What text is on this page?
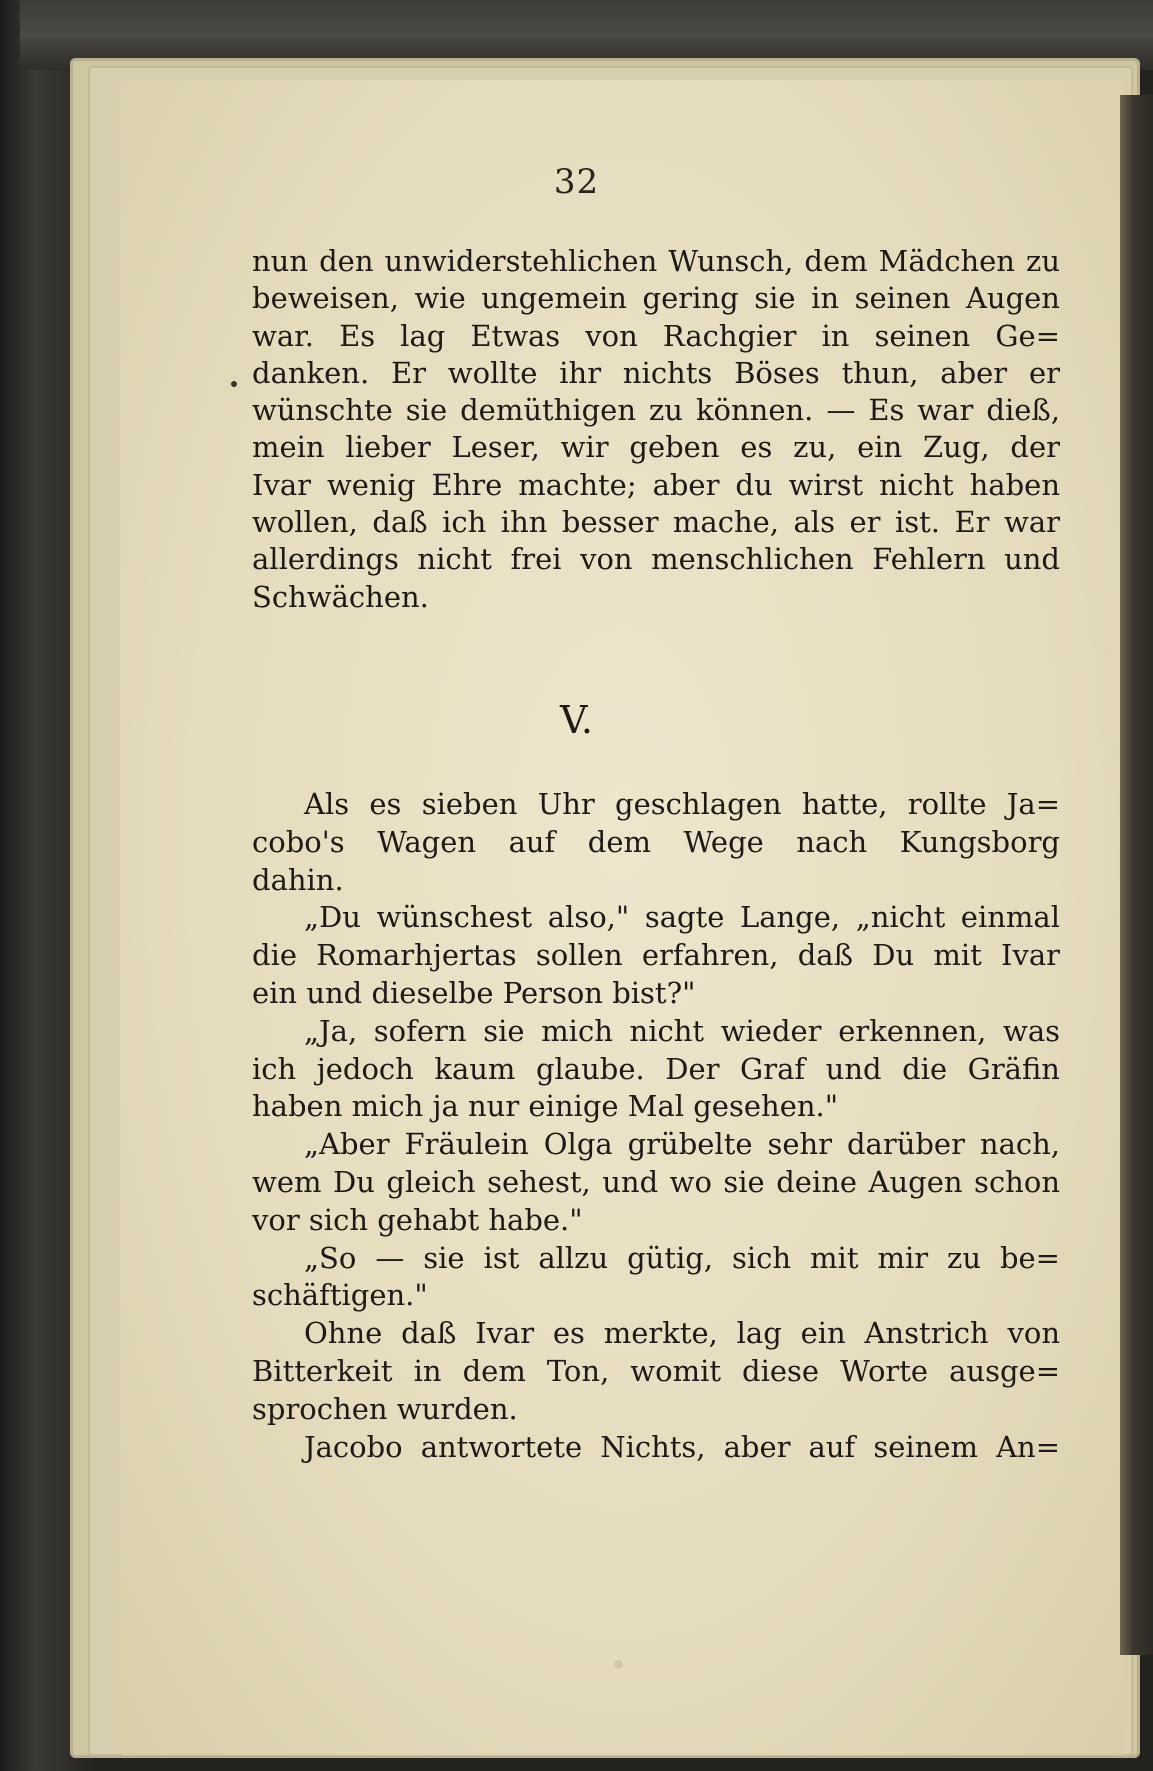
32
nun den unwiderstehlichen Wunsch, dem Mädchen zu
beweisen, wie ungemein gering sie in seinen Augen
war. Es lag Etwas von Rachgier in seinen Ge=
danken. Er wollte ihr nichts Böses thun, aber er
wünschte sie demüthigen zu können. — Es war dieß,
mein lieber Leser, wir geben es zu, ein Zug, der
Ivar wenig Ehre machte; aber du wirst nicht haben
wollen, daß ich ihn besser mache, als er ist. Er war
allerdings nicht frei von menschlichen Fehlern und
Schwächen.
V.
Als es sieben Uhr geschlagen hatte, rollte Ja=
cobo's Wagen auf dem Wege nach Kungsborg
dahin.
„Du wünschest also," sagte Lange, „nicht einmal
die Romarhjertas sollen erfahren, daß Du mit Ivar
ein und dieselbe Person bist?"
„Ja, sofern sie mich nicht wieder erkennen, was
ich jedoch kaum glaube. Der Graf und die Gräfin
haben mich ja nur einige Mal gesehen."
„Aber Fräulein Olga grübelte sehr darüber nach,
wem Du gleich sehest, und wo sie deine Augen schon
vor sich gehabt habe."
„So — sie ist allzu gütig, sich mit mir zu be=
schäftigen."
Ohne daß Ivar es merkte, lag ein Anstrich von
Bitterkeit in dem Ton, womit diese Worte ausge=
sprochen wurden.
Jacobo antwortete Nichts, aber auf seinem An=
